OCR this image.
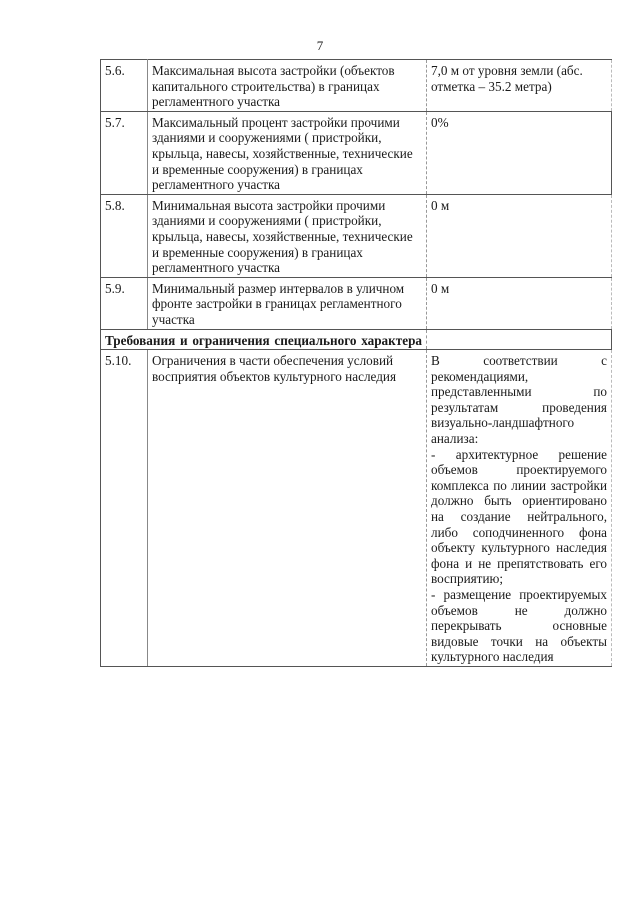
7
5.6.	Максимальная высота застройки (объектов капитального строительства) в границах регламентного участка	7,0 м от уровня земли (абс. отметка – 35.2 метра)
5.7.	Максимальный процент застройки прочими зданиями и сооружениями ( пристройки, крыльца, навесы, хозяйственные, технические и временные сооружения) в границах регламентного участка	0%
5.8.	Минимальная высота застройки прочими зданиями и сооружениями ( пристройки, крыльца, навесы, хозяйственные, технические и временные сооружения) в границах регламентного участка	0 м
5.9.	Минимальный размер интервалов в уличном фронте застройки в границах регламентного участка	0 м
Требования и ограничения специального характера		
5.10.	Ограничения в части обеспечения условий восприятия объектов культурного наследия	В соответствии с рекомендациями, представленными по результатам проведения визуально-ландшафтного анализа:

- архитектурное решение объемов проектируемого комплекса по линии застройки должно быть ориентировано на создание нейтрального, либо соподчиненного фона объекту культурного наследия фона и не препятствовать его восприятию;

- размещение проектируемых объемов не должно перекрывать основные видовые точки на объекты культурного наследия
